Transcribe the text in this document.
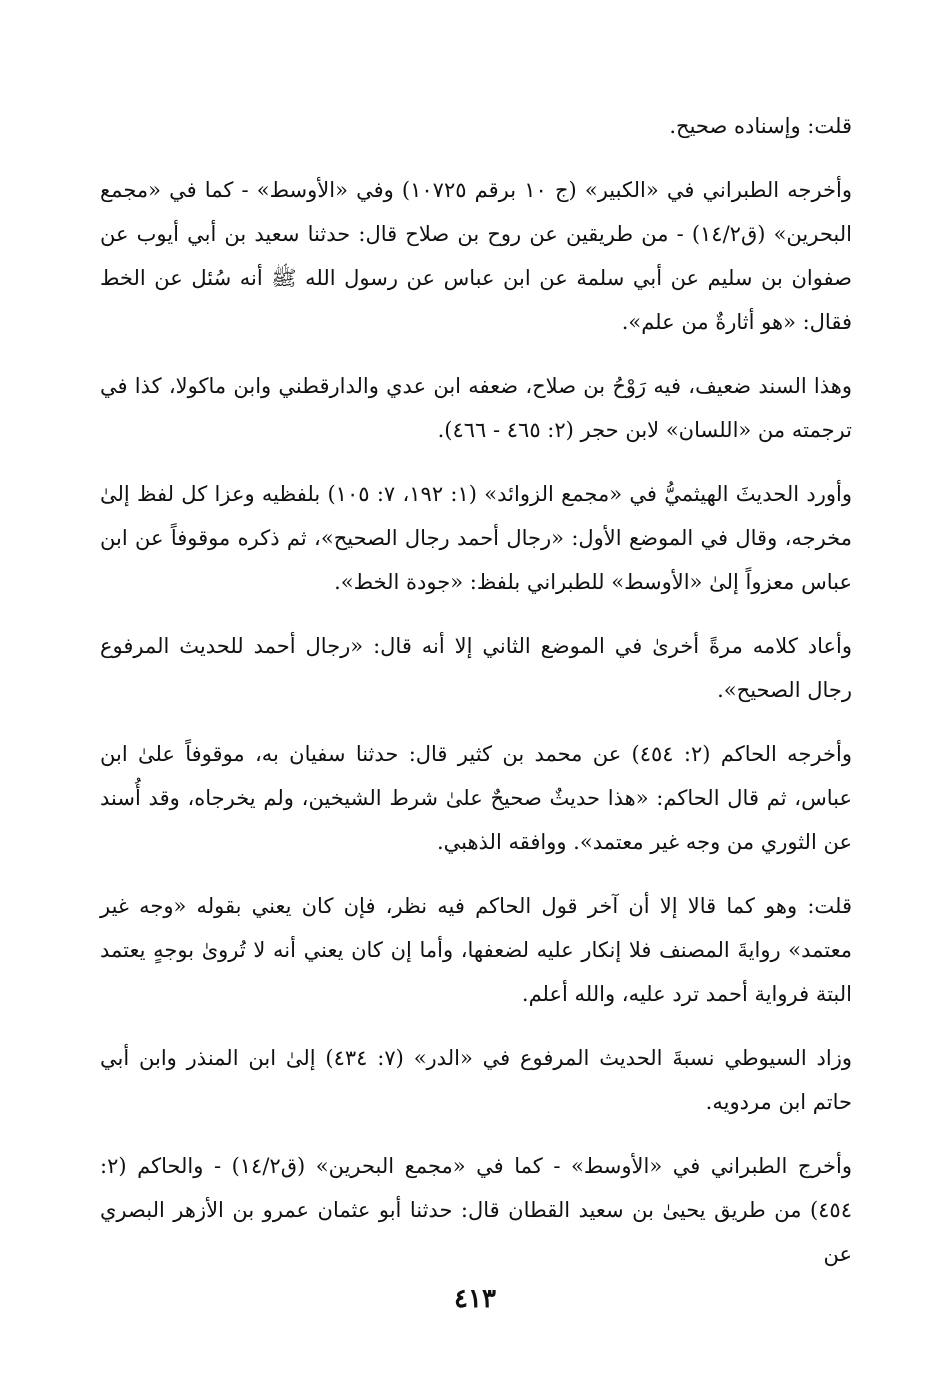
قلت: وإسناده صحيح.

وأخرجه الطبراني في «الكبير» (ج ١٠ برقم ١٠٧٢٥) وفي «الأوسط» - كما في «مجمع البحرين» (ق١٤/٢) - من طريقين عن روح بن صلاح قال: حدثنا سعيد بن أبي أيوب عن صفوان بن سليم عن أبي سلمة عن ابن عباس عن رسول الله ﷺ أنه سُئل عن الخط فقال: «هو أثارةٌ من علم».

وهذا السند ضعيف، فيه رَوْحُ بن صلاح، ضعفه ابن عدي والدارقطني وابن ماكولا، كذا في ترجمته من «اللسان» لابن حجر (٢: ٤٦٥ - ٤٦٦).

وأورد الحديثَ الهيثميُّ في «مجمع الزوائد» (١: ١٩٢، ٧: ١٠٥) بلفظيه وعزا كل لفظ إلىٰ مخرجه، وقال في الموضع الأول: «رجال أحمد رجال الصحيح»، ثم ذكره موقوفاً عن ابن عباس معزواً إلىٰ «الأوسط» للطبراني بلفظ: «جودة الخط».

وأعاد كلامه مرةً أخرىٰ في الموضع الثاني إلا أنه قال: «رجال أحمد للحديث المرفوع رجال الصحيح».

وأخرجه الحاكم (٢: ٤٥٤) عن محمد بن كثير قال: حدثنا سفيان به، موقوفاً علىٰ ابن عباس، ثم قال الحاكم: «هذا حديثٌ صحيحٌ علىٰ شرط الشيخين، ولم يخرجاه، وقد أُسند عن الثوري من وجه غير معتمد». ووافقه الذهبي.

قلت: وهو كما قالا إلا أن آخر قول الحاكم فيه نظر، فإن كان يعني بقوله «وجه غير معتمد» روايةَ المصنف فلا إنكار عليه لضعفها، وأما إن كان يعني أنه لا تُروىٰ بوجهٍ يعتمد البتة فرواية أحمد ترد عليه، والله أعلم.

وزاد السيوطي نسبةَ الحديث المرفوع في «الدر» (٧: ٤٣٤) إلىٰ ابن المنذر وابن أبي حاتم ابن مردويه.

وأخرج الطبراني في «الأوسط» - كما في «مجمع البحرين» (ق١٤/٢) - والحاكم (٢: ٤٥٤) من طريق يحيىٰ بن سعيد القطان قال: حدثنا أبو عثمان عمرو بن الأزهر البصري عن

٤١٣
